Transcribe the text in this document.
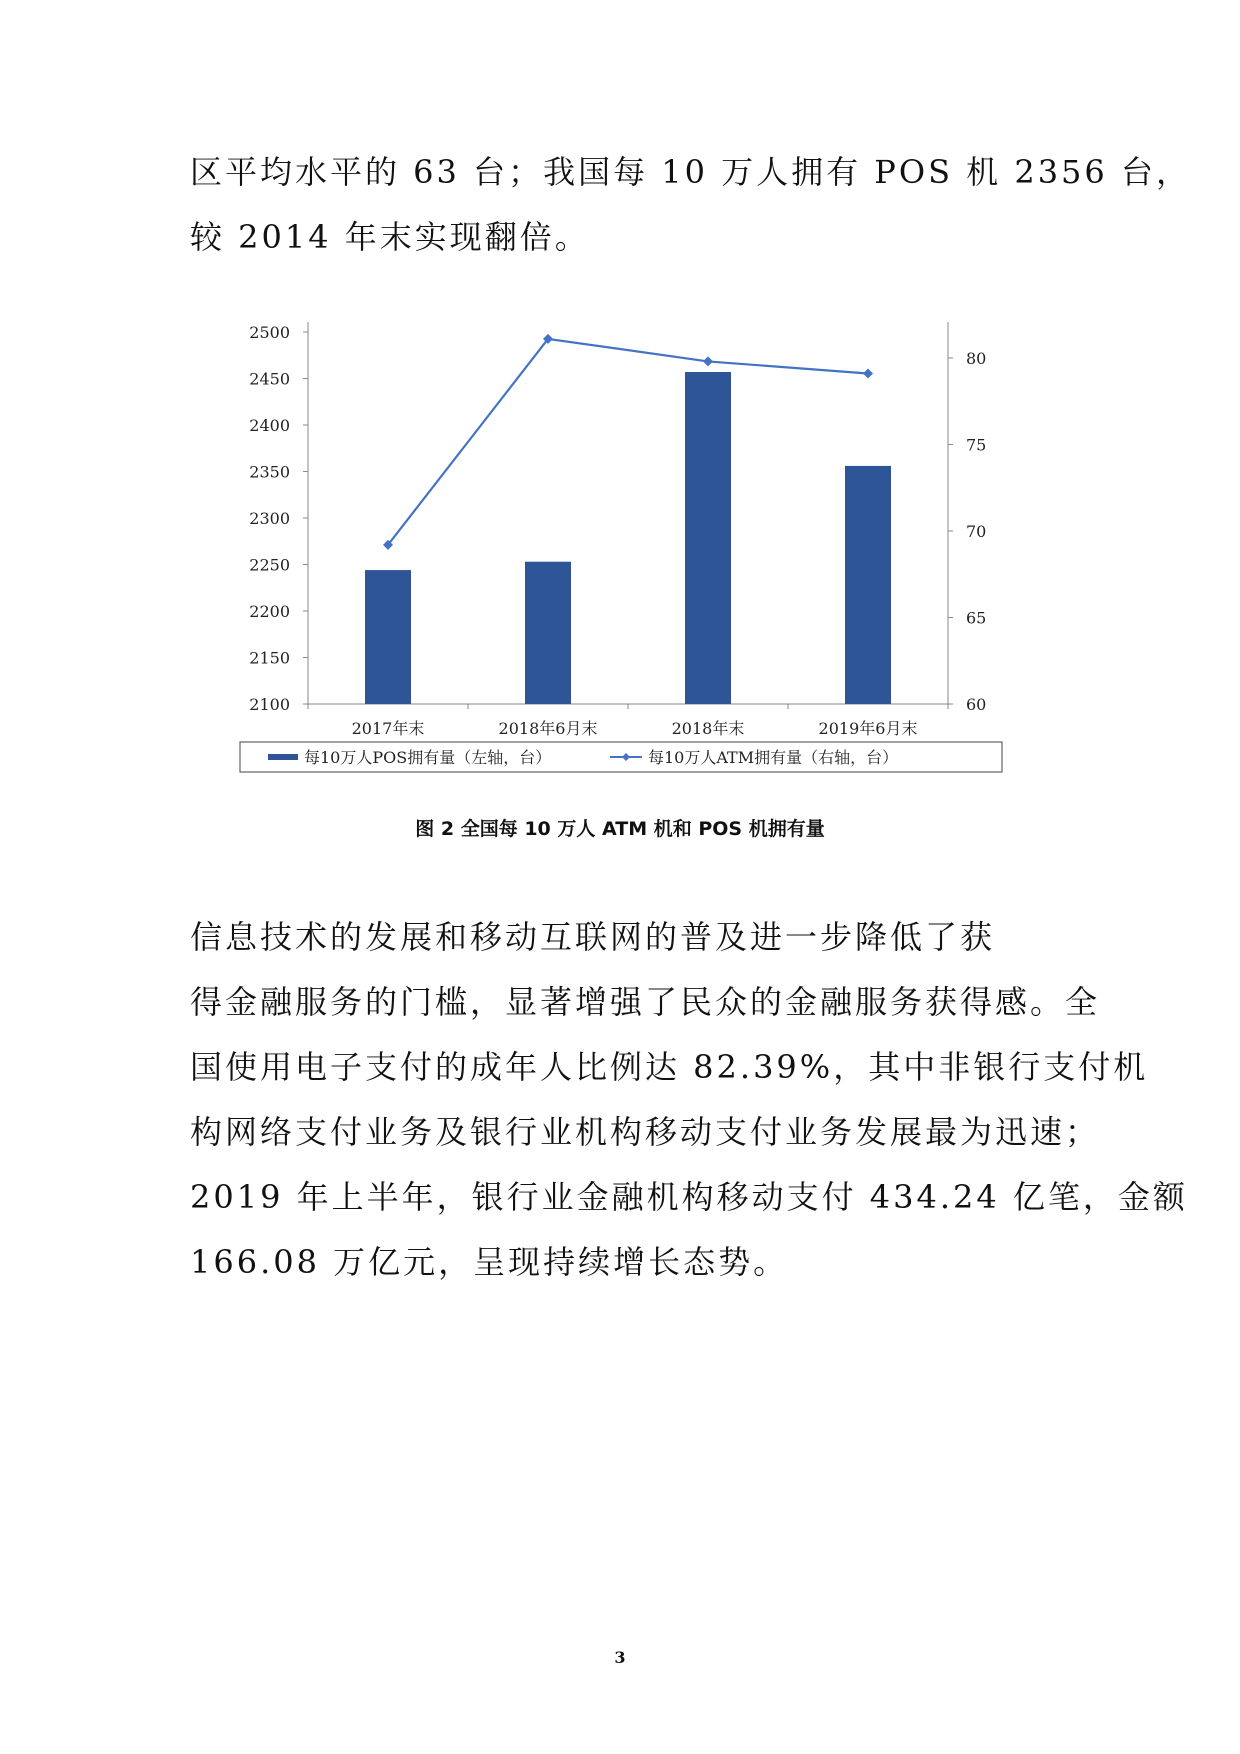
区平均水平的 63 台；我国每 10 万人拥有 POS 机 2356 台，
较 2014 年末实现翻倍。
2100
2150
2200
2250
2300
2350
2400
2450
2500
60
65
70
75
80
2017年末	2018年6月末	2018年末	2019年6月末
每10万人POS拥有量（左轴，台）	每10万人ATM拥有量（右轴，台）
图 2 全国每 10 万人 ATM 机和 POS 机拥有量
信息技术的发展和移动互联网的普及进一步降低了获
得金融服务的门槛，显著增强了民众的金融服务获得感。全
国使用电子支付的成年人比例达 82.39%，其中非银行支付机
构网络支付业务及银行业机构移动支付业务发展最为迅速；
2019 年上半年，银行业金融机构移动支付 434.24 亿笔，金额
166.08 万亿元，呈现持续增长态势。
3
